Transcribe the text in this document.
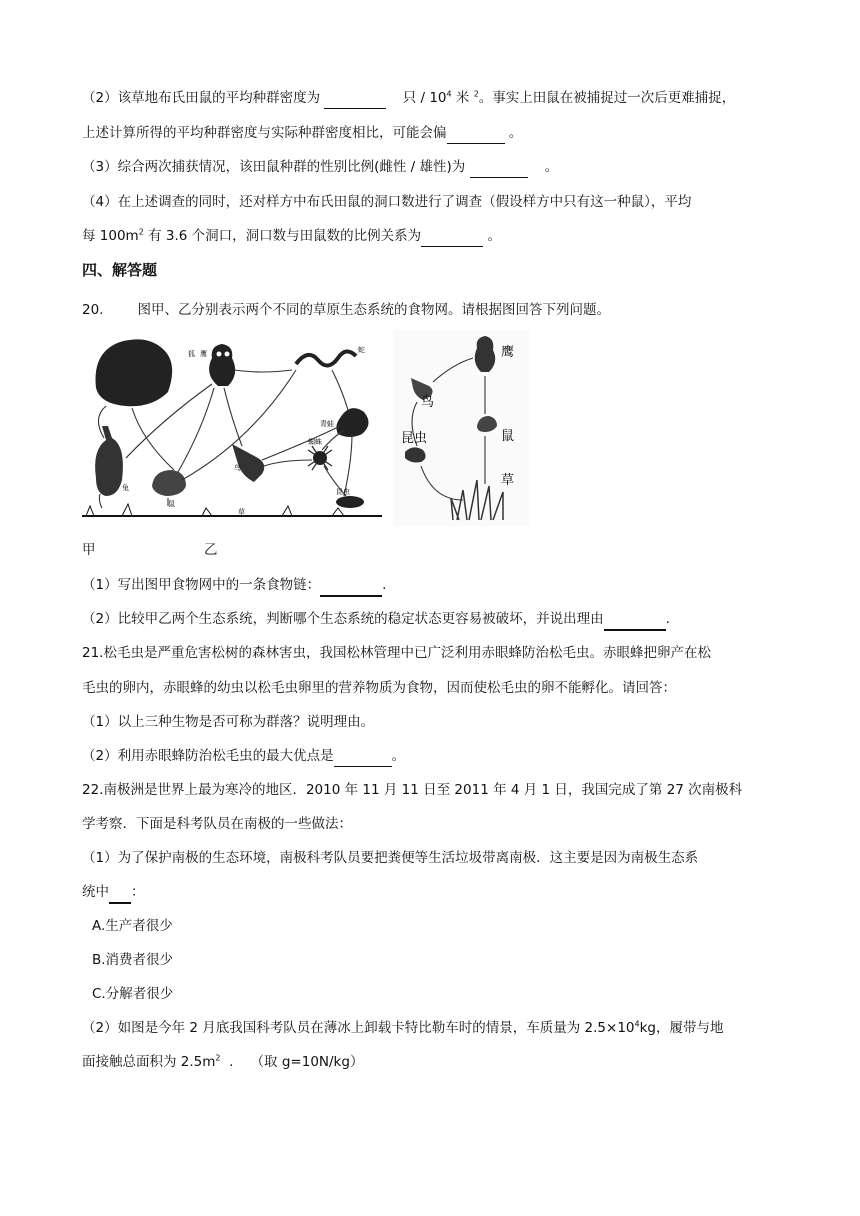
（2）该草地布氏田鼠的平均种群密度为	只 / $10^4$ 米 $^2$。事实上田鼠在被捕捉过一次后更难捕捉，
上述计算所得的平均种群密度与实际种群密度相比，可能会偏	。
（3）综合两次捕获情况，该田鼠种群的性别比例(雌性 / 雄性)为	。
（4）在上述调查的同时，还对样方中布氏田鼠的洞口数进行了调查（假设样方中只有这一种鼠），平均
每 $100m^2$ 有 3.6 个洞口，洞口数与田鼠数的比例关系为	。
四、解答题
20.	图甲、乙分别表示两个不同的草原生态系统的食物网。请根据图回答下列问题。
狐 鹰	蛇
青蛙
兔
鼠
鸟
蜘蛛
昆虫
草
鹰
鸟
昆虫	鼠
草
甲	乙
（1）写出图甲食物网中的一条食物链：	.
（2）比较甲乙两个生态系统，判断哪个生态系统的稳定状态更容易被破坏，并说出理由	.
21.松毛虫是严重危害松树的森林害虫，我国松林管理中已广泛利用赤眼蜂防治松毛虫。赤眼蜂把卵产在松
毛虫的卵内，赤眼蜂的幼虫以松毛虫卵里的营养物质为食物，因而使松毛虫的卵不能孵化。请回答：
（1）以上三种生物是否可称为群落？说明理由。
（2）利用赤眼蜂防治松毛虫的最大优点是	。
22.南极洲是世界上最为寒冷的地区．2010 年 11 月 11 日至 2011 年 4 月 1 日，我国完成了第 27 次南极科
学考察．下面是科考队员在南极的一些做法：
（1）为了保护南极的生态环境，南极科考队员要把粪便等生活垃圾带离南极．这主要是因为南极生态系
统中 ：
A.生产者很少
B.消费者很少
C.分解者很少
（2）如图是今年 2 月底我国科考队员在薄冰上卸载卡特比勒车时的情景，车质量为 $2.5\times 10^4kg$，履带与地
面接触总面积为 $2.5m^2$  .    （取 g=10N/kg）
